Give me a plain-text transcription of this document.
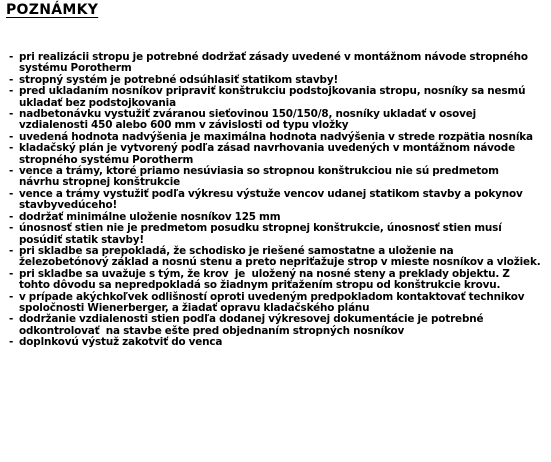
POZNÁMKY
- pri realizácii stropu je potrebné dodržať zásady uvedené v montážnom návode stropného
systému Porotherm
- stropný systém je potrebné odsúhlasiť statikom stavby!
- pred ukladaním nosníkov pripraviť konštrukciu podstojkovania stropu, nosníky sa nesmú
ukladať bez podstojkovania
- nadbetonávku vystužiť zváranou sieťovinou 150/150/8, nosníky ukladať v osovej
vzdialenosti 450 alebo 600 mm v závislosti od typu vložky
- uvedená hodnota nadvýšenia je maximálna hodnota nadvýšenia v strede rozpätia nosníka
- kladačský plán je vytvorený podľa zásad navrhovania uvedených v montážnom návode
stropného systému Porotherm
- vence a trámy, ktoré priamo nesúviasia so stropnou konštrukciou nie sú predmetom
návrhu stropnej konštrukcie
- vence a trámy vystužiť podľa výkresu výstuže vencov udanej statikom stavby a pokynov
stavbyvedúceho!
- dodržať minimálne uloženie nosníkov 125 mm
- únosnosť stien nie je predmetom posudku stropnej konštrukcie, únosnosť stien musí
posúdiť statik stavby!
- pri skladbe sa prepokladá, že schodisko je riešené samostatne a uloženie na
železobetónový základ a nosnú stenu a preto nepriťažuje strop v mieste nosníkov a vložiek.
- pri skladbe sa uvažuje s tým, že krov  je  uložený na nosné steny a preklady objektu. Z
tohto dôvodu sa nepredpokladá so žiadnym priťažením stropu od konštrukcie krovu.
- v prípade akýchkoľvek odlišností oproti uvedeným predpokladom kontaktovať technikov
spoločnosti Wienerberger, a žiadať opravu kladačského plánu
- dodržanie vzdialenosti stien podľa dodanej výkresovej dokumentácie je potrebné
odkontrolovať  na stavbe ešte pred objednaním stropných nosníkov
- doplnkovú výstuž zakotviť do venca
